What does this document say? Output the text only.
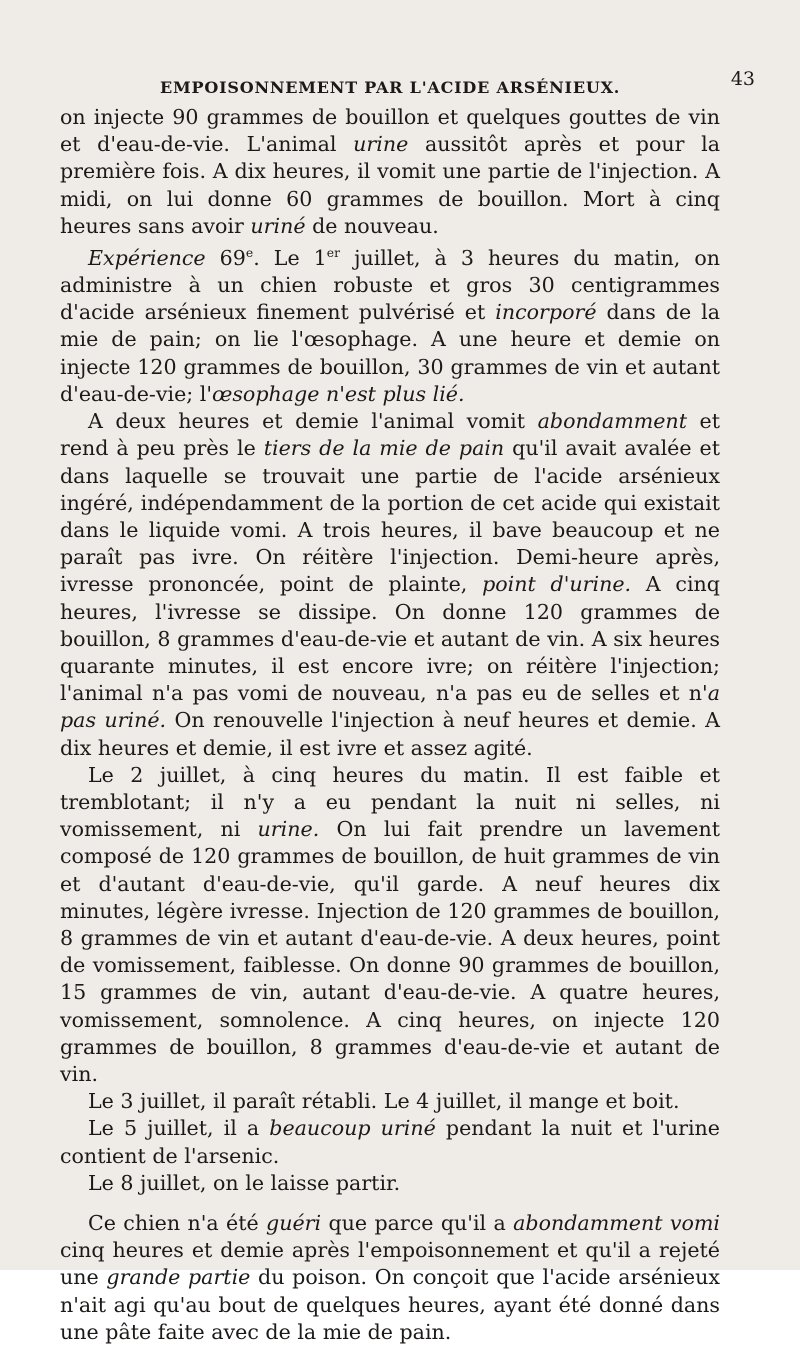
EMPOISONNEMENT PAR L'ACIDE ARSÉNIEUX.	43

on injecte 90 grammes de bouillon et quelques gouttes de vin et d'eau-de-vie. L'animal urine aussitôt après et pour la première fois. A dix heures, il vomit une partie de l'injection. A midi, on lui donne 60 grammes de bouillon. Mort à cinq heures sans avoir uriné de nouveau.

Expérience 69e. Le 1er juillet, à 3 heures du matin, on administre à un chien robuste et gros 30 centigrammes d'acide arsénieux finement pulvérisé et incorporé dans de la mie de pain; on lie l'œsophage. A une heure et demie on injecte 120 grammes de bouillon, 30 grammes de vin et autant d'eau-de-vie; l'œsophage n'est plus lié.

A deux heures et demie l'animal vomit abondamment et rend à peu près le tiers de la mie de pain qu'il avait avalée et dans laquelle se trouvait une partie de l'acide arsénieux ingéré, indépendamment de la portion de cet acide qui existait dans le liquide vomi. A trois heures, il bave beaucoup et ne paraît pas ivre. On réitère l'injection. Demi-heure après, ivresse prononcée, point de plainte, point d'urine. A cinq heures, l'ivresse se dissipe. On donne 120 grammes de bouillon, 8 grammes d'eau-de-vie et autant de vin. A six heures quarante minutes, il est encore ivre; on réitère l'injection; l'animal n'a pas vomi de nouveau, n'a pas eu de selles et n'a pas uriné. On renouvelle l'injection à neuf heures et demie. A dix heures et demie, il est ivre et assez agité.

Le 2 juillet, à cinq heures du matin. Il est faible et tremblotant; il n'y a eu pendant la nuit ni selles, ni vomissement, ni urine. On lui fait prendre un lavement composé de 120 grammes de bouillon, de huit grammes de vin et d'autant d'eau-de-vie, qu'il garde. A neuf heures dix minutes, légère ivresse. Injection de 120 grammes de bouillon, 8 grammes de vin et autant d'eau-de-vie. A deux heures, point de vomissement, faiblesse. On donne 90 grammes de bouillon, 15 grammes de vin, autant d'eau-de-vie. A quatre heures, vomissement, somnolence. A cinq heures, on injecte 120 grammes de bouillon, 8 grammes d'eau-de-vie et autant de vin.

Le 3 juillet, il paraît rétabli. Le 4 juillet, il mange et boit.

Le 5 juillet, il a beaucoup uriné pendant la nuit et l'urine contient de l'arsenic.

Le 8 juillet, on le laisse partir.

Ce chien n'a été guéri que parce qu'il a abondamment vomi cinq heures et demie après l'empoisonnement et qu'il a rejeté une grande partie du poison. On conçoit que l'acide arsénieux n'ait agi qu'au bout de quelques heures, ayant été donné dans une pâte faite avec de la mie de pain.
